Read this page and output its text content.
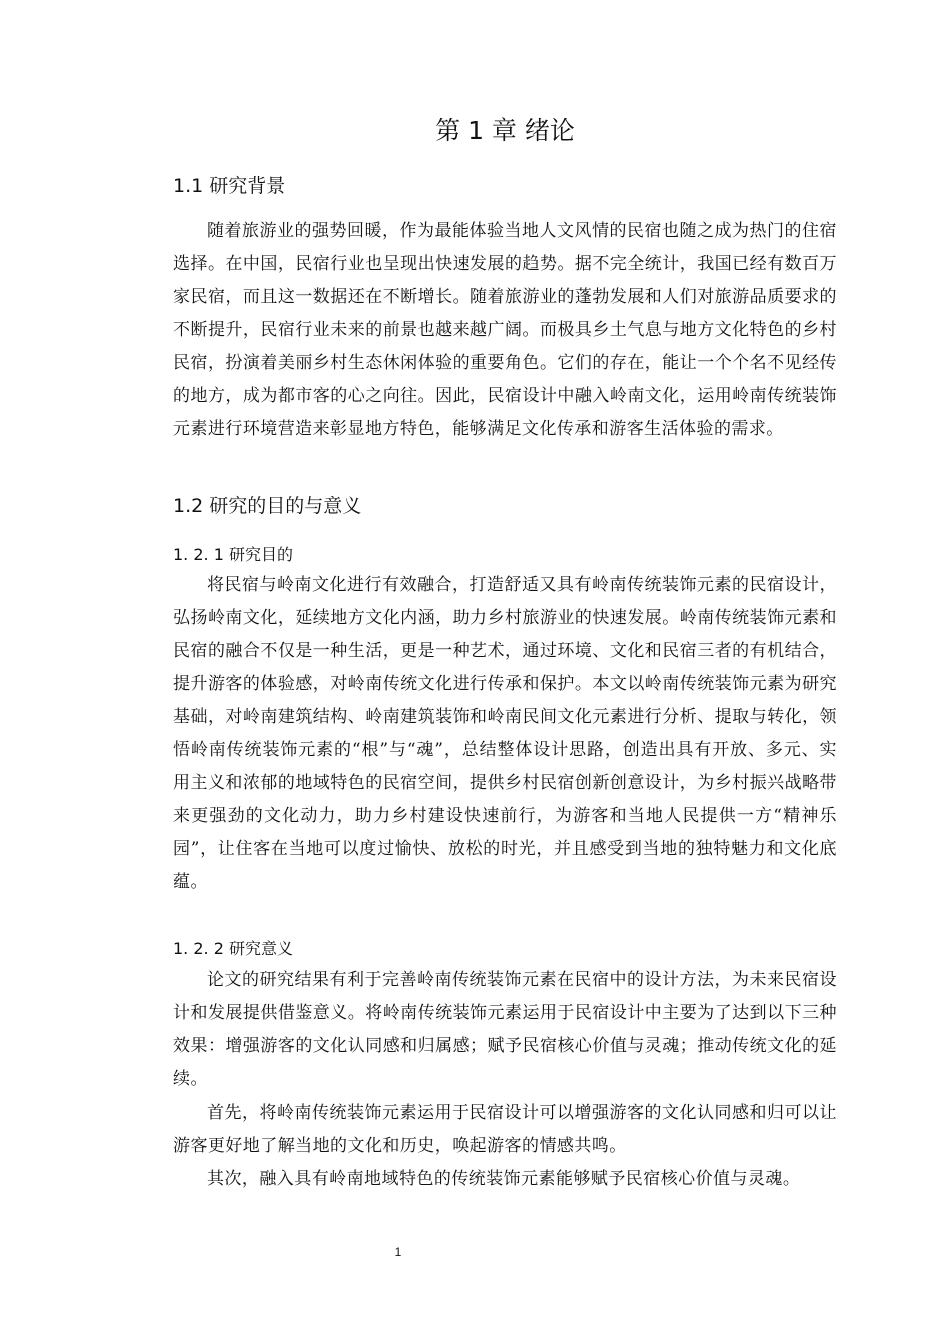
第 1 章 绪论
1.1 研究背景

随着旅游业的强势回暖，作为最能体验当地人文风情的民宿也随之成为热门的住宿选择。在中国，民宿行业也呈现出快速发展的趋势。据不完全统计，我国已经有数百万家民宿，而且这一数据还在不断增长。随着旅游业的蓬勃发展和人们对旅游品质要求的不断提升，民宿行业未来的前景也越来越广阔。而极具乡土气息与地方文化特色的乡村民宿，扮演着美丽乡村生态休闲体验的重要角色。它们的存在，能让一个个名不见经传的地方，成为都市客的心之向往。因此，民宿设计中融入岭南文化，运用岭南传统装饰元素进行环境营造来彰显地方特色，能够满足文化传承和游客生活体验的需求。

1.2 研究的目的与意义
1. 2. 1 研究目的

将民宿与岭南文化进行有效融合，打造舒适又具有岭南传统装饰元素的民宿设计，弘扬岭南文化，延续地方文化内涵，助力乡村旅游业的快速发展。岭南传统装饰元素和民宿的融合不仅是一种生活，更是一种艺术，通过环境、文化和民宿三者的有机结合，提升游客的体验感，对岭南传统文化进行传承和保护。本文以岭南传统装饰元素为研究基础，对岭南建筑结构、岭南建筑装饰和岭南民间文化元素进行分析、提取与转化，领悟岭南传统装饰元素的“根”与“魂”，总结整体设计思路，创造出具有开放、多元、实用主义和浓郁的地域特色的民宿空间，提供乡村民宿创新创意设计，为乡村振兴战略带来更强劲的文化动力，助力乡村建设快速前行，为游客和当地人民提供一方“精神乐园”，让住客在当地可以度过愉快、放松的时光，并且感受到当地的独特魅力和文化底蕴。

1. 2. 2 研究意义

论文的研究结果有利于完善岭南传统装饰元素在民宿中的设计方法，为未来民宿设计和发展提供借鉴意义。将岭南传统装饰元素运用于民宿设计中主要为了达到以下三种效果：增强游客的文化认同感和归属感；赋予民宿核心价值与灵魂；推动传统文化的延续。

首先，将岭南传统装饰元素运用于民宿设计可以增强游客的文化认同感和归可以让游客更好地了解当地的文化和历史，唤起游客的情感共鸣。

其次，融入具有岭南地域特色的传统装饰元素能够赋予民宿核心价值与灵魂。

1
